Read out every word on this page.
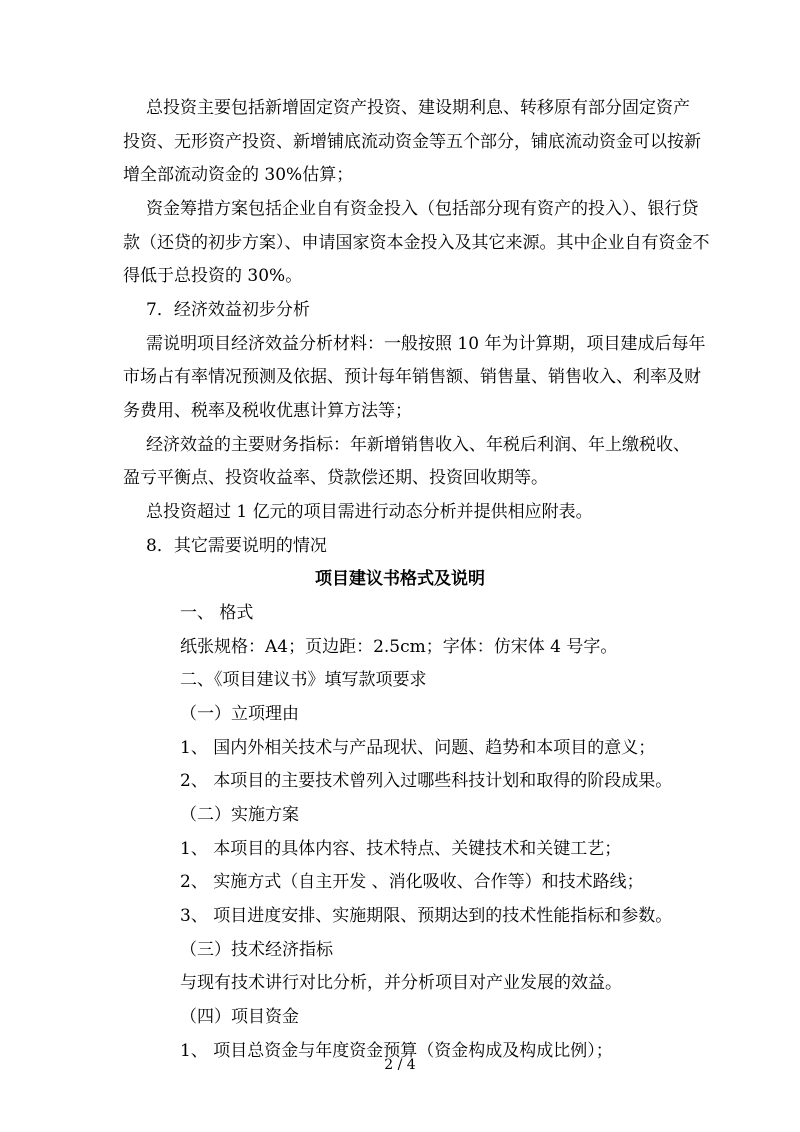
总投资主要包括新增固定资产投资、建设期利息、转移原有部分固定资产
投资、无形资产投资、新增铺底流动资金等五个部分，铺底流动资金可以按新
增全部流动资金的 30%估算；
资金筹措方案包括企业自有资金投入（包括部分现有资产的投入）、银行贷
款（还贷的初步方案）、申请国家资本金投入及其它来源。其中企业自有资金不
得低于总投资的 30%。
7．经济效益初步分析
需说明项目经济效益分析材料：一般按照 10 年为计算期，项目建成后每年
市场占有率情况预测及依据、预计每年销售额、销售量、销售收入、利率及财
务费用、税率及税收优惠计算方法等；
经济效益的主要财务指标：年新增销售收入、年税后利润、年上缴税收、
盈亏平衡点、投资收益率、贷款偿还期、投资回收期等。
总投资超过 1 亿元的项目需进行动态分析并提供相应附表。
8．其它需要说明的情况
项目建议书格式及说明
一、 格式
纸张规格：A4；页边距：2.5cm；字体：仿宋体 4 号字。
二、《项目建议书》填写款项要求
（一）立项理由
1、 国内外相关技术与产品现状、问题、趋势和本项目的意义；
2、 本项目的主要技术曾列入过哪些科技计划和取得的阶段成果。
（二）实施方案
1、 本项目的具体内容、技术特点、关键技术和关键工艺；
2、 实施方式（自主开发 、消化吸收、合作等）和技术路线；
3、 项目进度安排、实施期限、预期达到的技术性能指标和参数。
（三）技术经济指标
与现有技术讲行对比分析，并分析项目对产业发展的效益。
（四）项目资金
1、 项目总资金与年度资金预算（资金构成及构成比例）；
2 / 4
